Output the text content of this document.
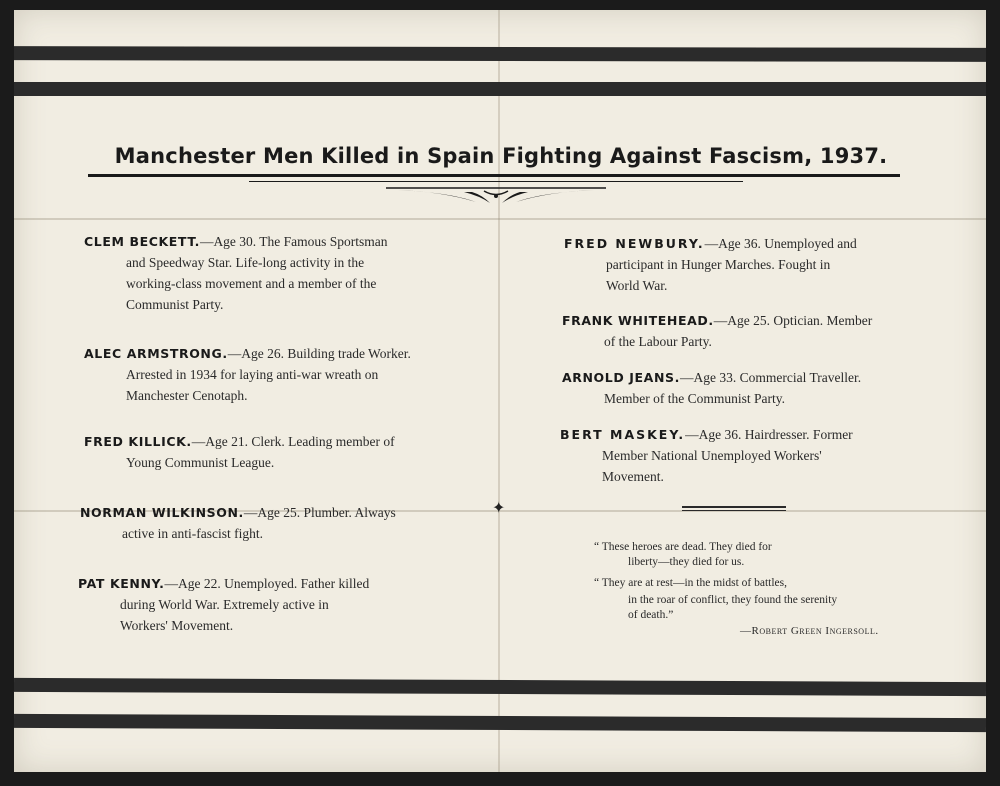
Manchester Men Killed in Spain Fighting Against Fascism, 1937.
CLEM BECKETT.—Age 30. The Famous Sportsman
and Speedway Star. Life-long activity in the
working-class movement and a member of the
Communist Party.
ALEC ARMSTRONG.—Age 26. Building trade Worker.
Arrested in 1934 for laying anti-war wreath on
Manchester Cenotaph.
FRED KILLICK.—Age 21. Clerk. Leading member of
Young Communist League.
NORMAN WILKINSON.—Age 25. Plumber. Always
active in anti-fascist fight.
PAT KENNY.—Age 22. Unemployed. Father killed
during World War. Extremely active in
Workers' Movement.
FRED NEWBURY.—Age 36. Unemployed and
participant in Hunger Marches. Fought in
World War.
FRANK WHITEHEAD.—Age 25. Optician. Member
of the Labour Party.
ARNOLD JEANS.—Age 33. Commercial Traveller.
Member of the Communist Party.
BERT MASKEY.—Age 36. Hairdresser. Former
Member National Unemployed Workers'
Movement.
“ These heroes are dead. They died for
liberty—they died for us.
“ They are at rest—in the midst of battles,
in the roar of conflict, they found the serenity
of death.”
—Robert Green Ingersoll.
✦
